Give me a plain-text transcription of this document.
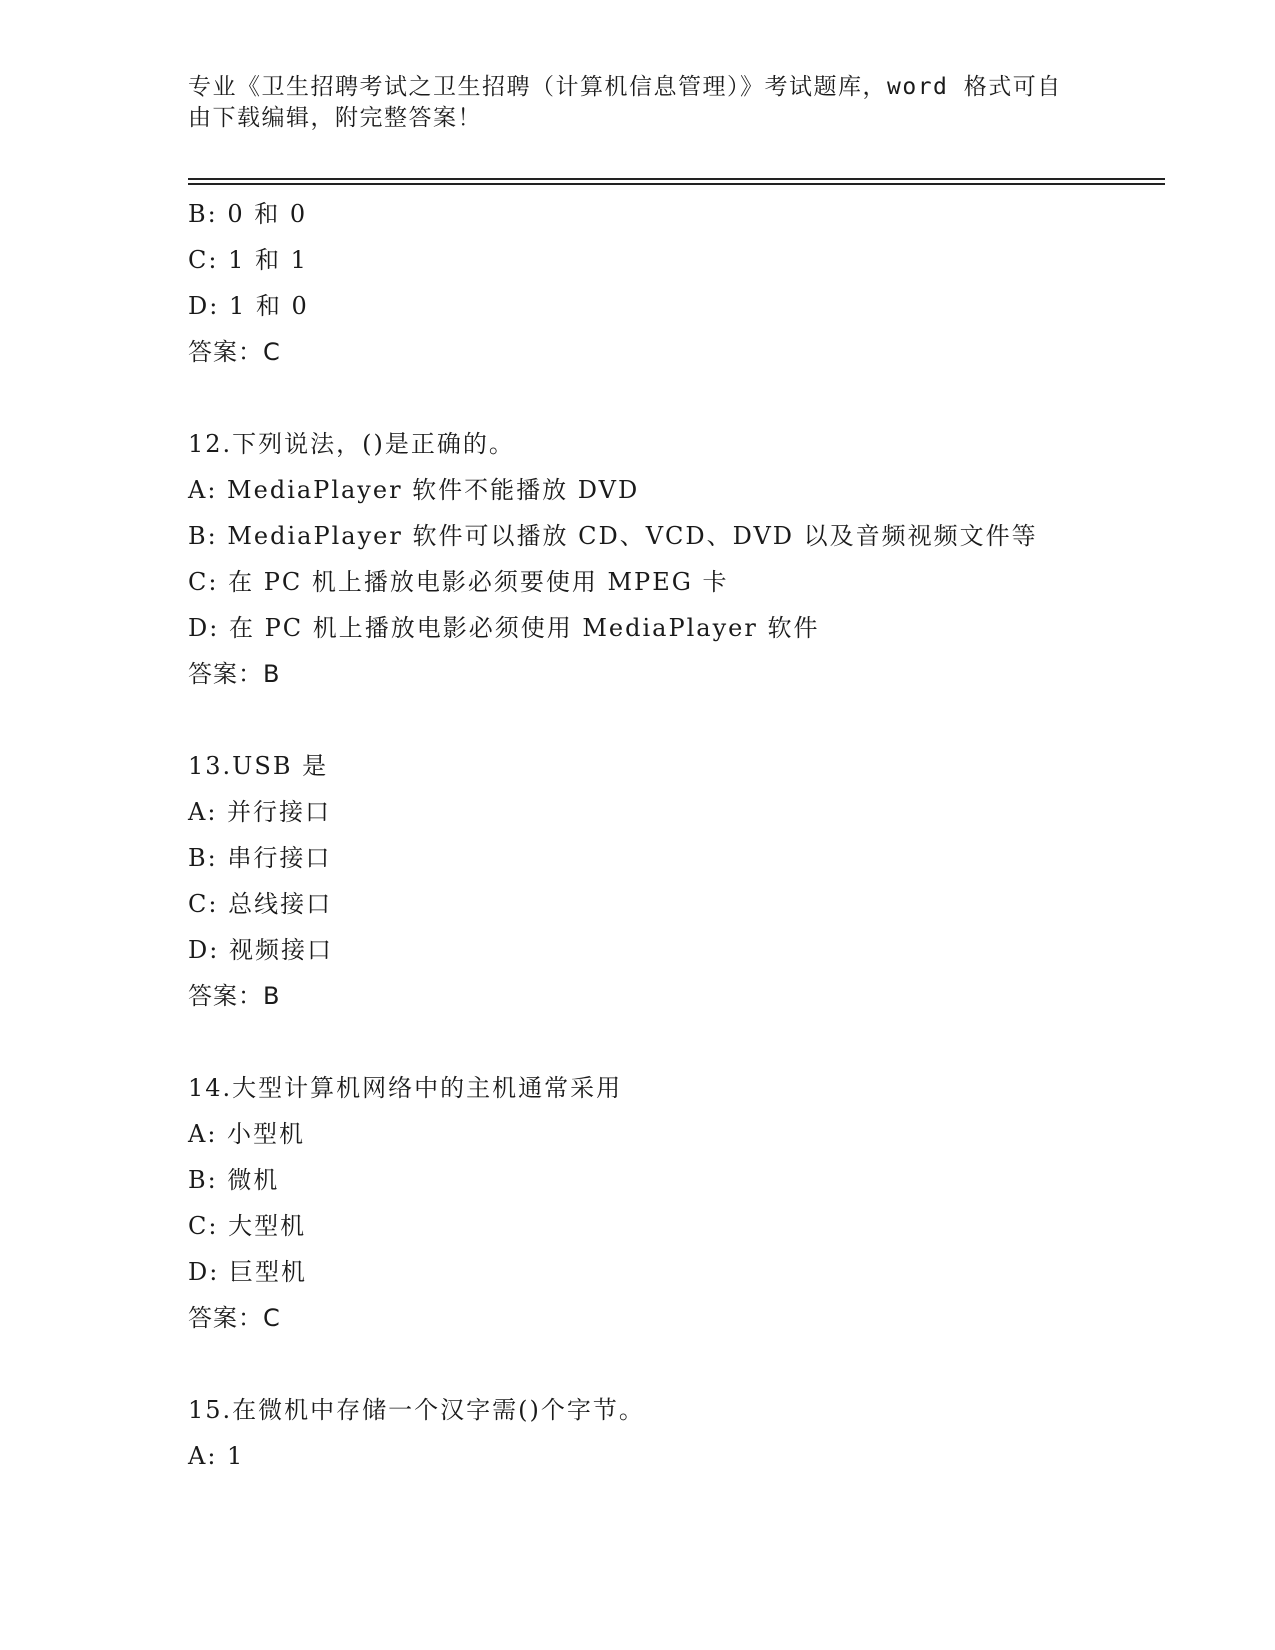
专业《卫生招聘考试之卫生招聘（计算机信息管理）》考试题库，word 格式可自
由下载编辑，附完整答案！
B: 0 和 0
C: 1 和 1
D: 1 和 0
答案：C
12.下列说法，()是正确的。
A: MediaPlayer 软件不能播放 DVD
B: MediaPlayer 软件可以播放 CD、VCD、DVD 以及音频视频文件等
C: 在 PC 机上播放电影必须要使用 MPEG 卡
D: 在 PC 机上播放电影必须使用 MediaPlayer 软件
答案：B
13.USB 是
A: 并行接口
B: 串行接口
C: 总线接口
D: 视频接口
答案：B
14.大型计算机网络中的主机通常采用
A: 小型机
B: 微机
C: 大型机
D: 巨型机
答案：C
15.在微机中存储一个汉字需()个字节。
A: 1
